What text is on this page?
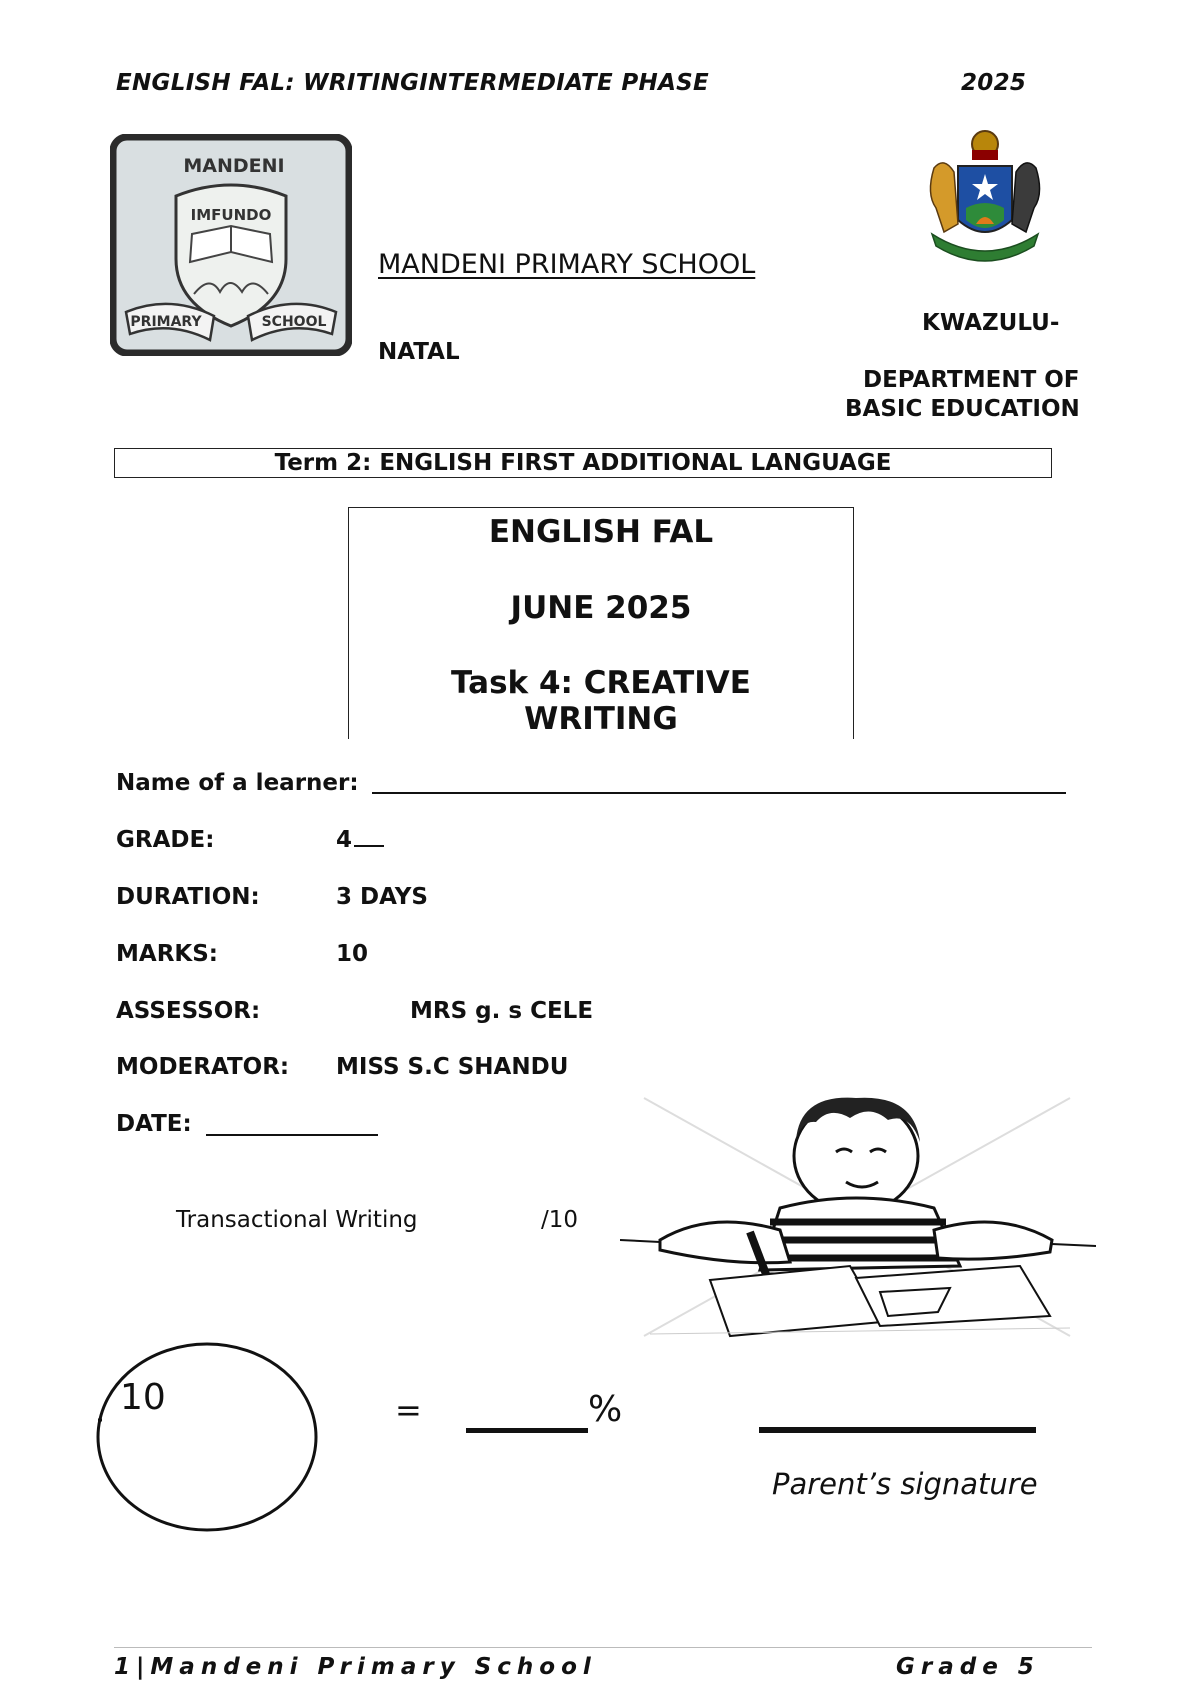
ENGLISH FAL: WRITINGINTERMEDIATE PHASE	2025
MANDENI
IMFUNDO
PRIMARY	SCHOOL
MANDENI PRIMARY SCHOOL
KWAZULU-
NATAL
DEPARTMENT OF
BASIC EDUCATION
Term 2: ENGLISH FIRST ADDITIONAL LANGUAGE
ENGLISH FAL
JUNE 2025
Task 4: CREATIVE
WRITING
Name of a learner:
GRADE:	4
DURATION:	3 DAYS
MARKS:	10
ASSESSOR:	MRS g. s CELE
MODERATOR: MISS S.C SHANDU
DATE:
Transactional Writing	/10
10	=	%
Parent’s signature
1|Mandeni Primary School	Grade 5
